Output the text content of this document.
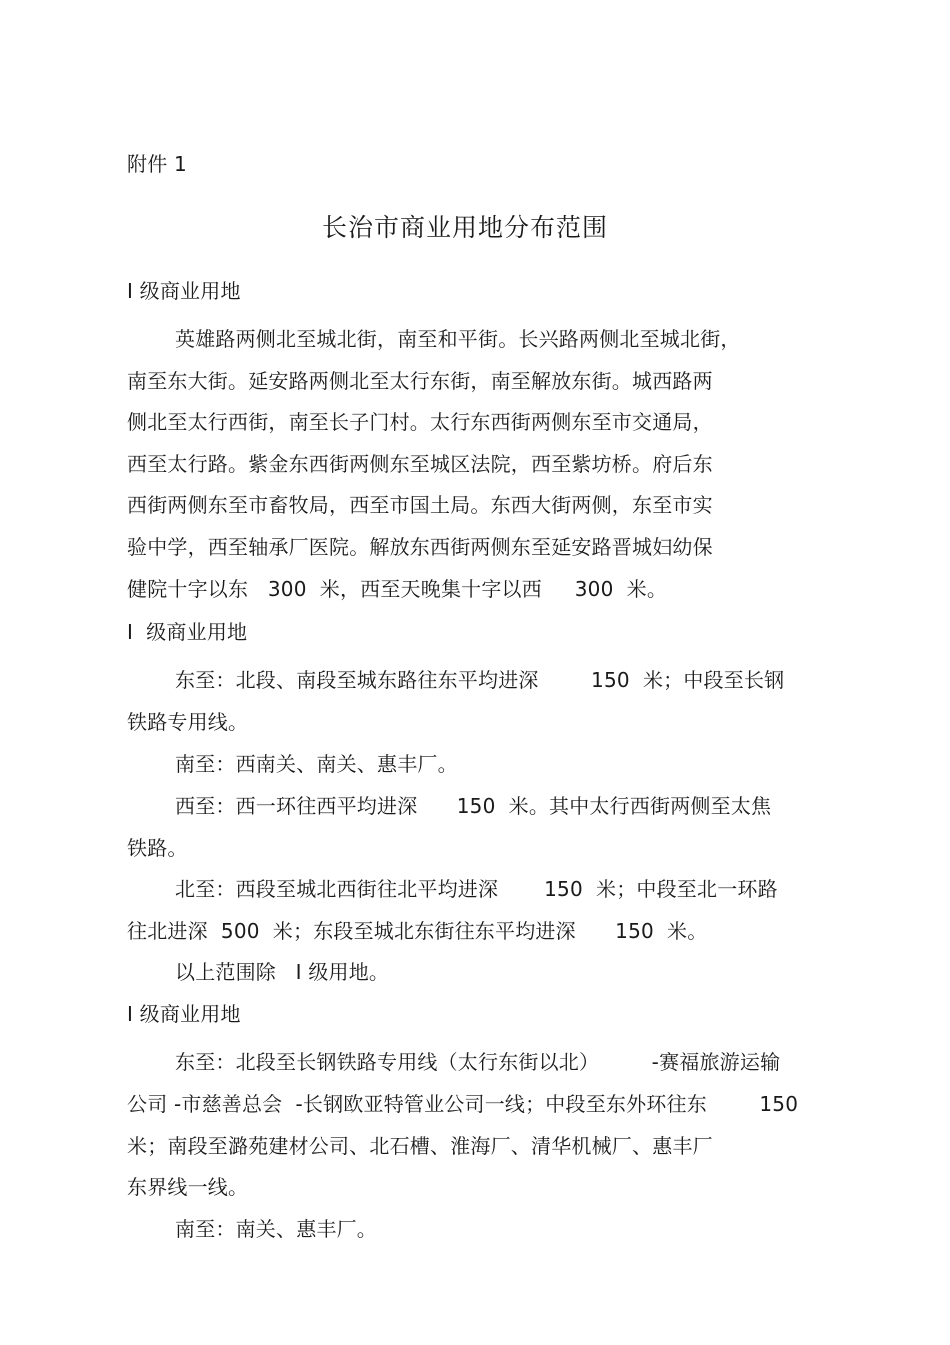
附件 1
长治市商业用地分布范围
I 级商业用地
英雄路两侧北至城北街，南至和平街。长兴路两侧北至城北街，
南至东大街。延安路两侧北至太行东街，南至解放东街。城西路两
侧北至太行西街，南至长子门村。太行东西街两侧东至市交通局，
西至太行路。紫金东西街两侧东至城区法院，西至紫坊桥。府后东
西街两侧东至市畜牧局，西至市国土局。东西大街两侧，东至市实
验中学，西至轴承厂医院。解放东西街两侧东至延安路晋城妇幼保
健院十字以东   300  米，西至天晚集十字以西     300  米。
I  级商业用地
东至：北段、南段至城东路往东平均进深        150  米；中段至长钢
铁路专用线。
南至：西南关、南关、惠丰厂。
西至：西一环往西平均进深      150  米。其中太行西街两侧至太焦
铁路。
北至：西段至城北西街往北平均进深       150  米；中段至北一环路
往北进深  500  米；东段至城北东街往东平均进深      150  米。
以上范围除   I 级用地。
I 级商业用地
东至：北段至长钢铁路专用线（太行东街以北）        -赛福旅游运输
公司 -市慈善总会  -长钢欧亚特管业公司一线；中段至东外环往东        150
米；南段至潞苑建材公司、北石槽、淮海厂、清华机械厂、惠丰厂
东界线一线。
南至：南关、惠丰厂。
